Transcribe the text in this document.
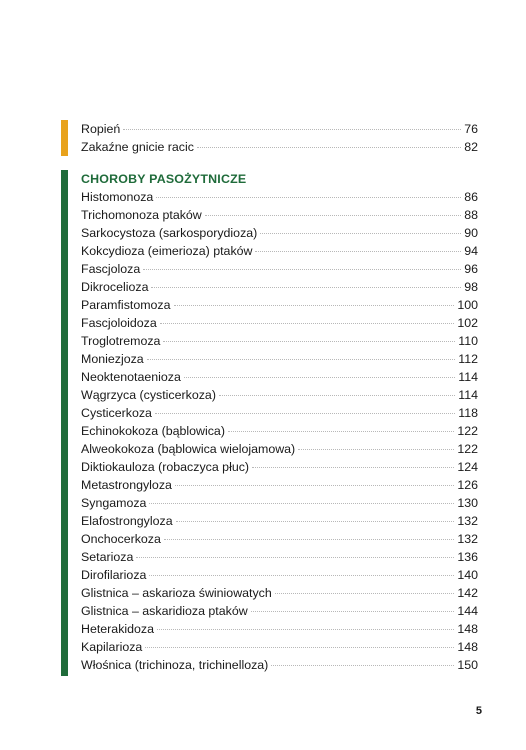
Ropień	76
Zakaźne gnicie racic	82
CHOROBY PASOŻYTNICZE
Histomonoza	86
Trichomonoza ptaków	88
Sarkocystoza (sarkosporydioza)	90
Kokcydioza (eimerioza) ptaków	94
Fascjoloza	96
Dikrocelioza	98
Paramfistomoza	100
Fascjoloidoza	102
Troglotremoza	110
Moniezjoza	112
Neoktenotaenioza	114
Wągrzyca (cysticerkoza)	114
Cysticerkoza	118
Echinokokoza (bąblowica)	122
Alweokokoza (bąblowica wielojamowa)	122
Diktiokauloza (robaczyca płuc)	124
Metastrongyloza	126
Syngamoza	130
Elafostrongyloza	132
Onchocerkoza	132
Setarioza	136
Dirofilarioza	140
Glistnica – askarioza świniowatych	142
Glistnica – askaridioza ptaków	144
Heterakidoza	148
Kapilarioza	148
Włośnica (trichinoza, trichinelloza)	150
5
